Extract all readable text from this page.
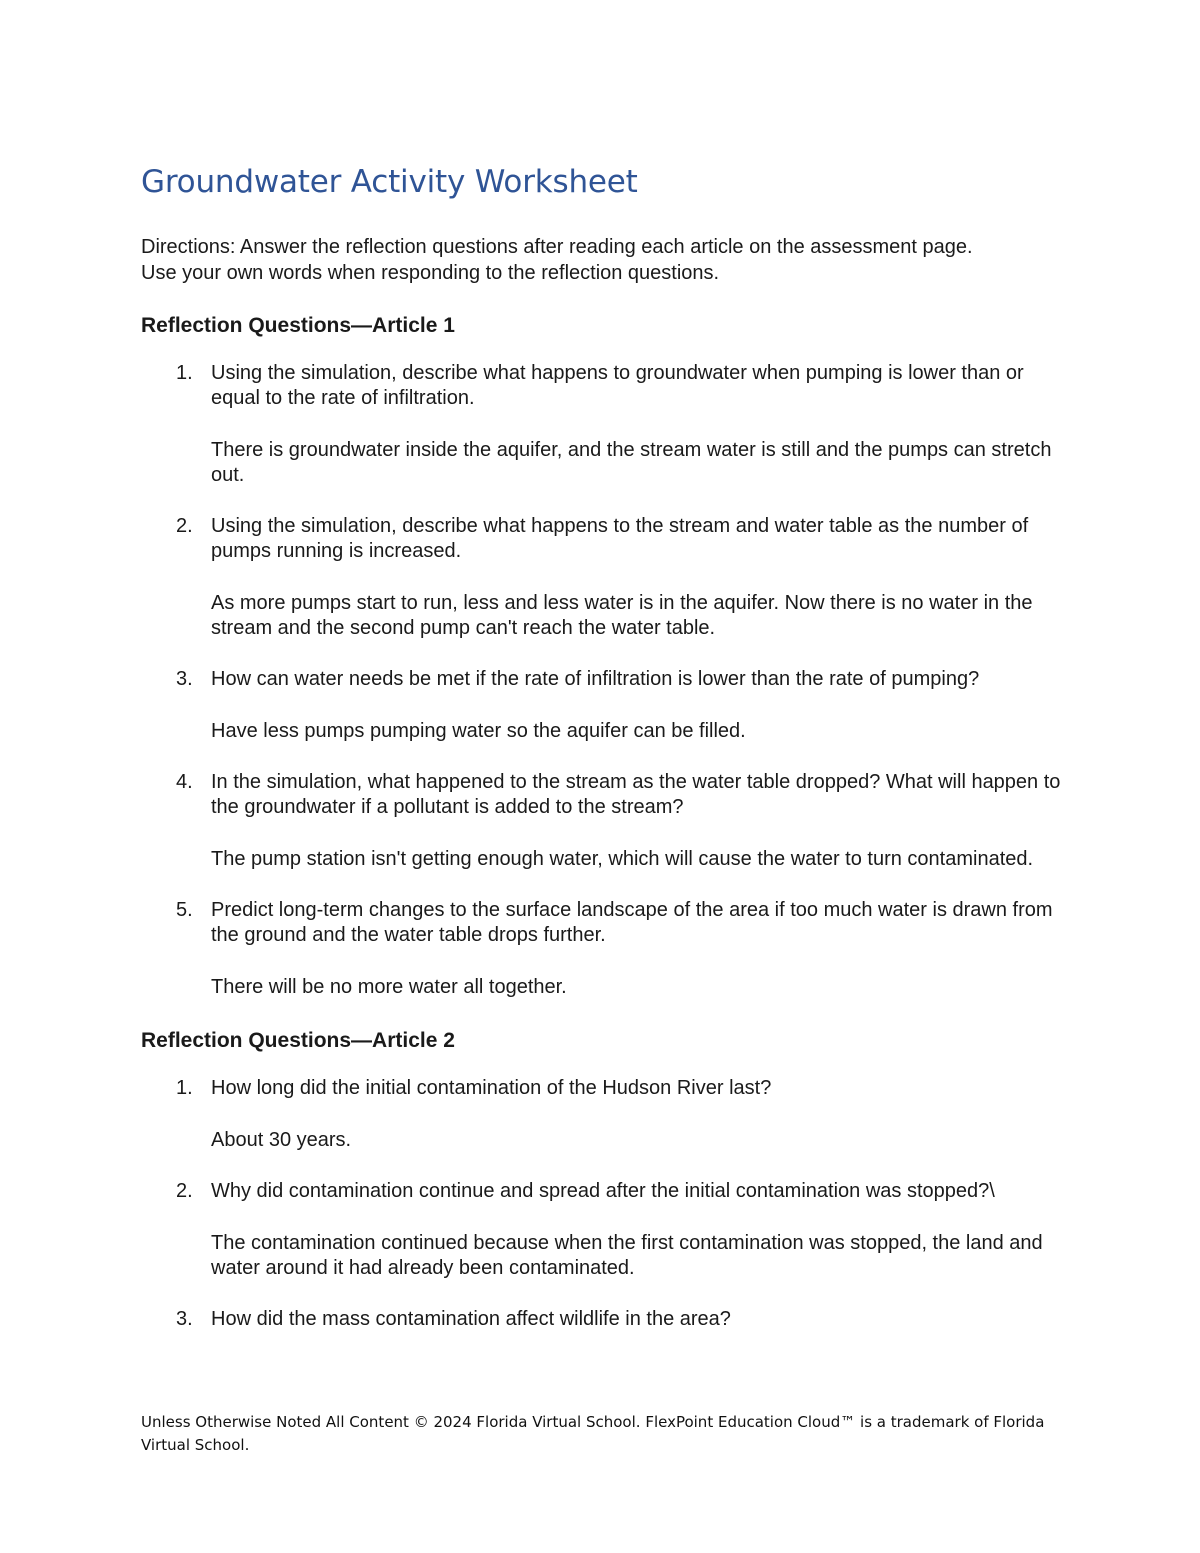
Groundwater Activity Worksheet

Directions: Answer the reflection questions after reading each article on the assessment page.

Use your own words when responding to the reflection questions.

Reflection Questions—Article 1
1. Using the simulation, describe what happens to groundwater when pumping is lower than or equal to the rate of infiltration.

There is groundwater inside the aquifer, and the stream water is still and the pumps can stretch out.

2. Using the simulation, describe what happens to the stream and water table as the number of pumps running is increased.

As more pumps start to run, less and less water is in the aquifer. Now there is no water in the stream and the second pump can't reach the water table.

3. How can water needs be met if the rate of infiltration is lower than the rate of pumping?

Have less pumps pumping water so the aquifer can be filled.

4. In the simulation, what happened to the stream as the water table dropped? What will happen to the groundwater if a pollutant is added to the stream?

The pump station isn't getting enough water, which will cause the water to turn contaminated.

5. Predict long-term changes to the surface landscape of the area if too much water is drawn from the ground and the water table drops further.

There will be no more water all together.

Reflection Questions—Article 2
1. How long did the initial contamination of the Hudson River last?

About 30 years.

2. Why did contamination continue and spread after the initial contamination was stopped?\

The contamination continued because when the first contamination was stopped, the land and water around it had already been contaminated.

3. How did the mass contamination affect wildlife in the area?

Unless Otherwise Noted All Content © 2024 Florida Virtual School. FlexPoint Education Cloud™ is a trademark of Florida Virtual School.
